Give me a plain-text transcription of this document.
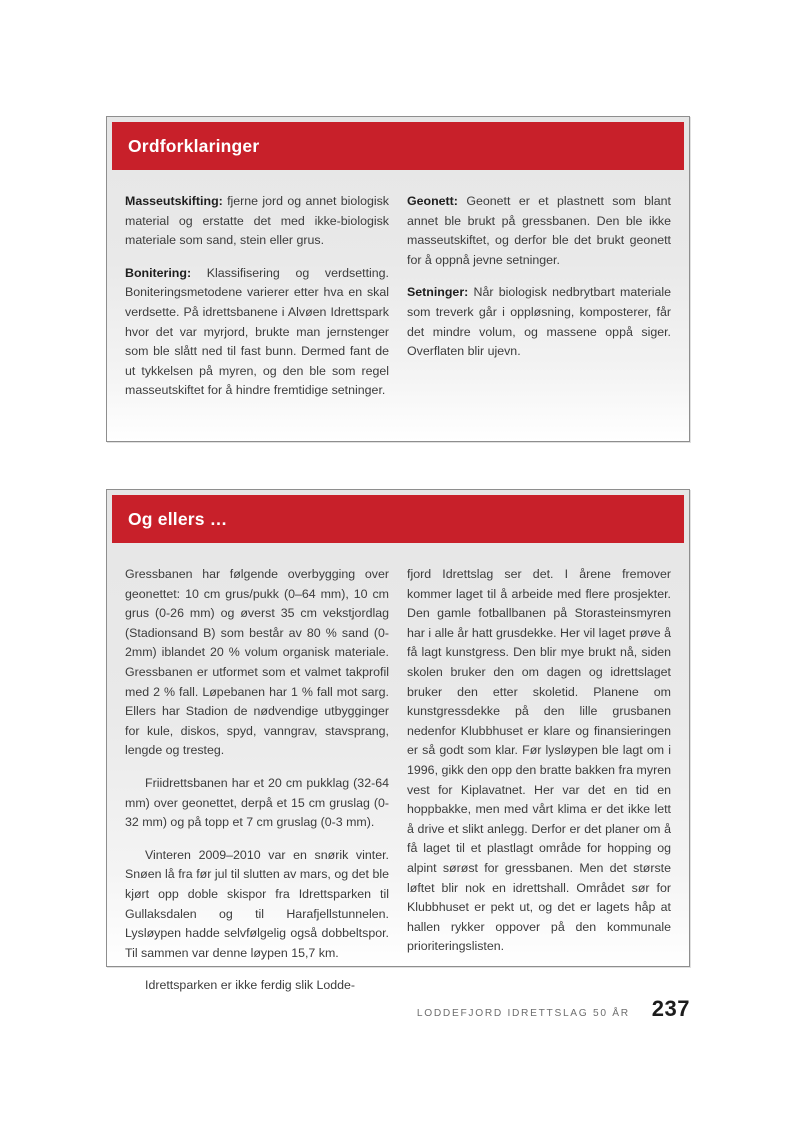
Ordforklaringer

Masseutskifting: fjerne jord og annet biologisk material og erstatte det med ikke-biologisk materiale som sand, stein eller grus.

Bonitering: Klassifisering og verdsetting. Boniteringsmetodene varierer etter hva en skal verdsette. På idrettsbanene i Alvøen Idrettspark hvor det var myrjord, brukte man jernstenger som ble slått ned til fast bunn. Dermed fant de ut tykkelsen på myren, og den ble som regel masseutskiftet for å hindre fremtidige setninger.

Geonett: Geonett er et plastnett som blant annet ble brukt på gressbanen. Den ble ikke masseutskiftet, og derfor ble det brukt geonett for å oppnå jevne setninger.

Setninger: Når biologisk nedbrytbart materiale som treverk går i oppløsning, komposterer, får det mindre volum, og massene oppå siger. Overflaten blir ujevn.

Og ellers …

Gressbanen har følgende overbygging over geonettet: 10 cm grus/pukk (0–64 mm), 10 cm grus (0-26 mm) og øverst 35 cm vekstjordlag (Stadionsand B) som består av 80 % sand (0-2mm) iblandet 20 % volum organisk materiale. Gressbanen er utformet som et valmet takprofil med 2 % fall. Løpebanen har 1 % fall mot sarg. Ellers har Stadion de nødvendige utbygginger for kule, diskos, spyd, vanngrav, stavsprang, lengde og tresteg.

Friidrettsbanen har et 20 cm pukklag (32-64 mm) over geonettet, derpå et 15 cm gruslag (0-32 mm) og på topp et 7 cm gruslag (0-3 mm).

Vinteren 2009–2010 var en snørik vinter. Snøen lå fra før jul til slutten av mars, og det ble kjørt opp doble skispor fra Idrettsparken til Gullaksdalen og til Harafjellstunnelen. Lysløypen hadde selvfølgelig også dobbeltspor. Til sammen var denne løypen 15,7 km.

Idrettsparken er ikke ferdig slik Lodde-

fjord Idrettslag ser det. I årene fremover kommer laget til å arbeide med flere prosjekter. Den gamle fotballbanen på Storasteinsmyren har i alle år hatt grusdekke. Her vil laget prøve å få lagt kunstgress. Den blir mye brukt nå, siden skolen bruker den om dagen og idrettslaget bruker den etter skoletid. Planene om kunstgressdekke på den lille grusbanen nedenfor Klubbhuset er klare og finansieringen er så godt som klar. Før lysløypen ble lagt om i 1996, gikk den opp den bratte bakken fra myren vest for Kiplavatnet. Her var det en tid en hoppbakke, men med vårt klima er det ikke lett å drive et slikt anlegg. Derfor er det planer om å få laget til et plastlagt område for hopping og alpint sørøst for gressbanen. Men det største løftet blir nok en idrettshall. Området sør for Klubbhuset er pekt ut, og det er lagets håp at hallen rykker oppover på den kommunale prioriteringslisten.

LODDEFJORD IDRETTSLAG 50 ÅR 237
